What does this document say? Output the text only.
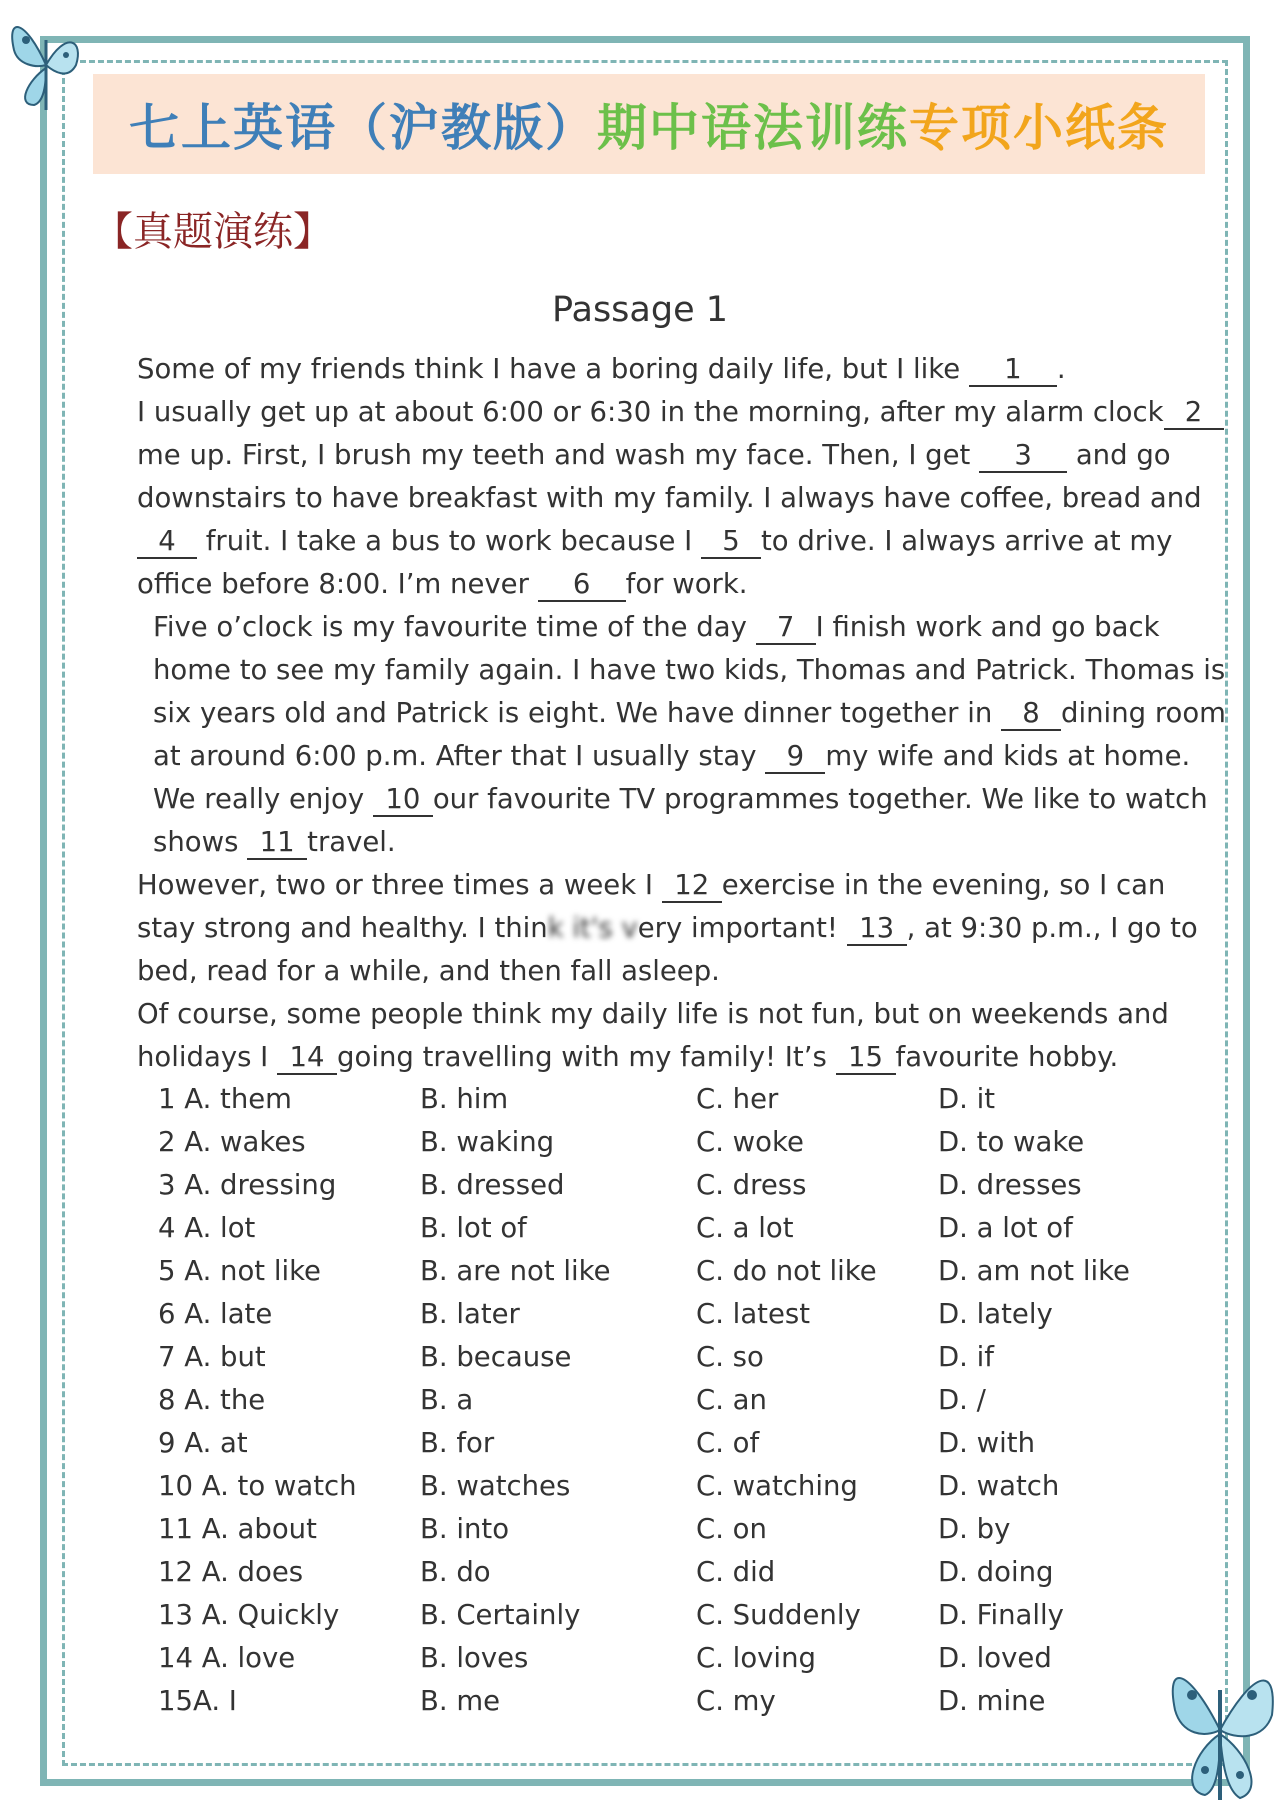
七上英语（沪教版） 期中语法训练 专项小纸条
【真题演练】
Passage 1

Some of my friends think I have a boring daily life, but I like 1 .

I usually get up at about 6:00 or 6:30 in the morning, after my alarm clock 2 me up. First, I brush my teeth and wash my face. Then, I get 3 and go downstairs to have breakfast with my family. I always have coffee, bread and 4 fruit. I take a bus to work because I 5 to drive. I always arrive at my office before 8:00. I’m never 6 for work.

Five o’clock is my favourite time of the day 7 I finish work and go back home to see my family again. I have two kids, Thomas and Patrick. Thomas is six years old and Patrick is eight. We have dinner together in 8 dining room at around 6:00 p.m. After that I usually stay 9 my wife and kids at home. We really enjoy 10 our favourite TV programmes together. We like to watch shows 11 travel.

However, two or three times a week I 12 exercise in the evening, so I can stay strong and healthy. I think it's very important! 13 , at 9:30 p.m., I go to bed, read for a while, and then fall asleep.

Of course, some people think my daily life is not fun, but on weekends and holidays I 14 going travelling with my family! It’s 15 favourite hobby.

1 A. them	B. him	C. her	D. it
2 A. wakes	B. waking	C. woke	D. to wake
3 A. dressing	B. dressed	C. dress	D. dresses
4 A. lot	B. lot of	C. a lot	D. a lot of
5 A. not like	B. are not like	C. do not like	D. am not like
6 A. late	B. later	C. latest	D. lately
7 A. but	B. because	C. so	D. if
8 A. the	B. a	C. an	D. /
9 A. at	B. for	C. of	D. with
10 A. to watch	B. watches	C. watching	D. watch
11 A. about	B. into	C. on	D. by
12 A. does	B. do	C. did	D. doing
13 A. Quickly	B. Certainly	C. Suddenly	D. Finally
14 A. love	B. loves	C. loving	D. loved
15A. I	B. me	C. my	D. mine
